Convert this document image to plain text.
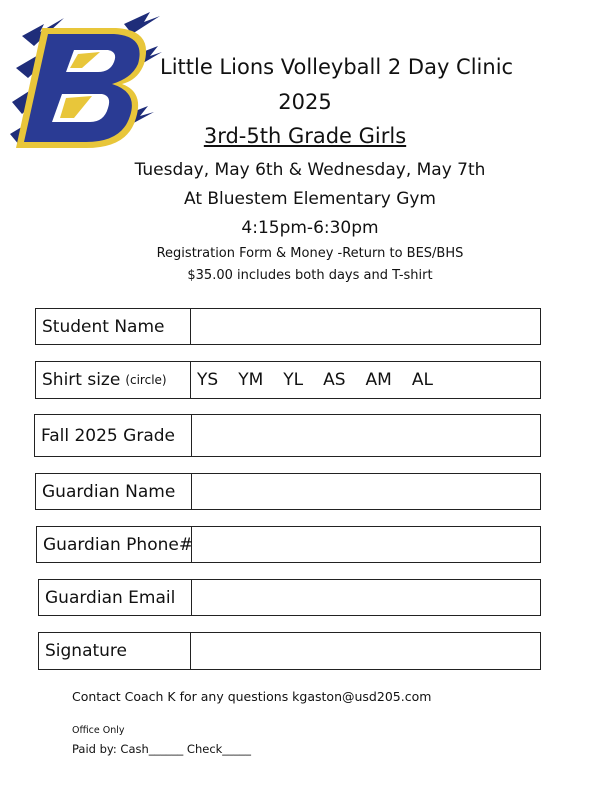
Little Lions Volleyball 2 Day Clinic
2025
3rd-5th Grade Girls
Tuesday, May 6th & Wednesday, May 7th
At Bluestem Elementary Gym
4:15pm-6:30pm
Registration Form & Money -Return to BES/BHS
$35.00 includes both days and T-shirt
Student Name
Shirt size (circle) YS YM YL AS AM AL
Fall 2025 Grade
Guardian Name
Guardian Phone#
Guardian Email
Signature
Contact Coach K for any questions kgaston@usd205.com
Office Only
Paid by: Cash______ Check_____
